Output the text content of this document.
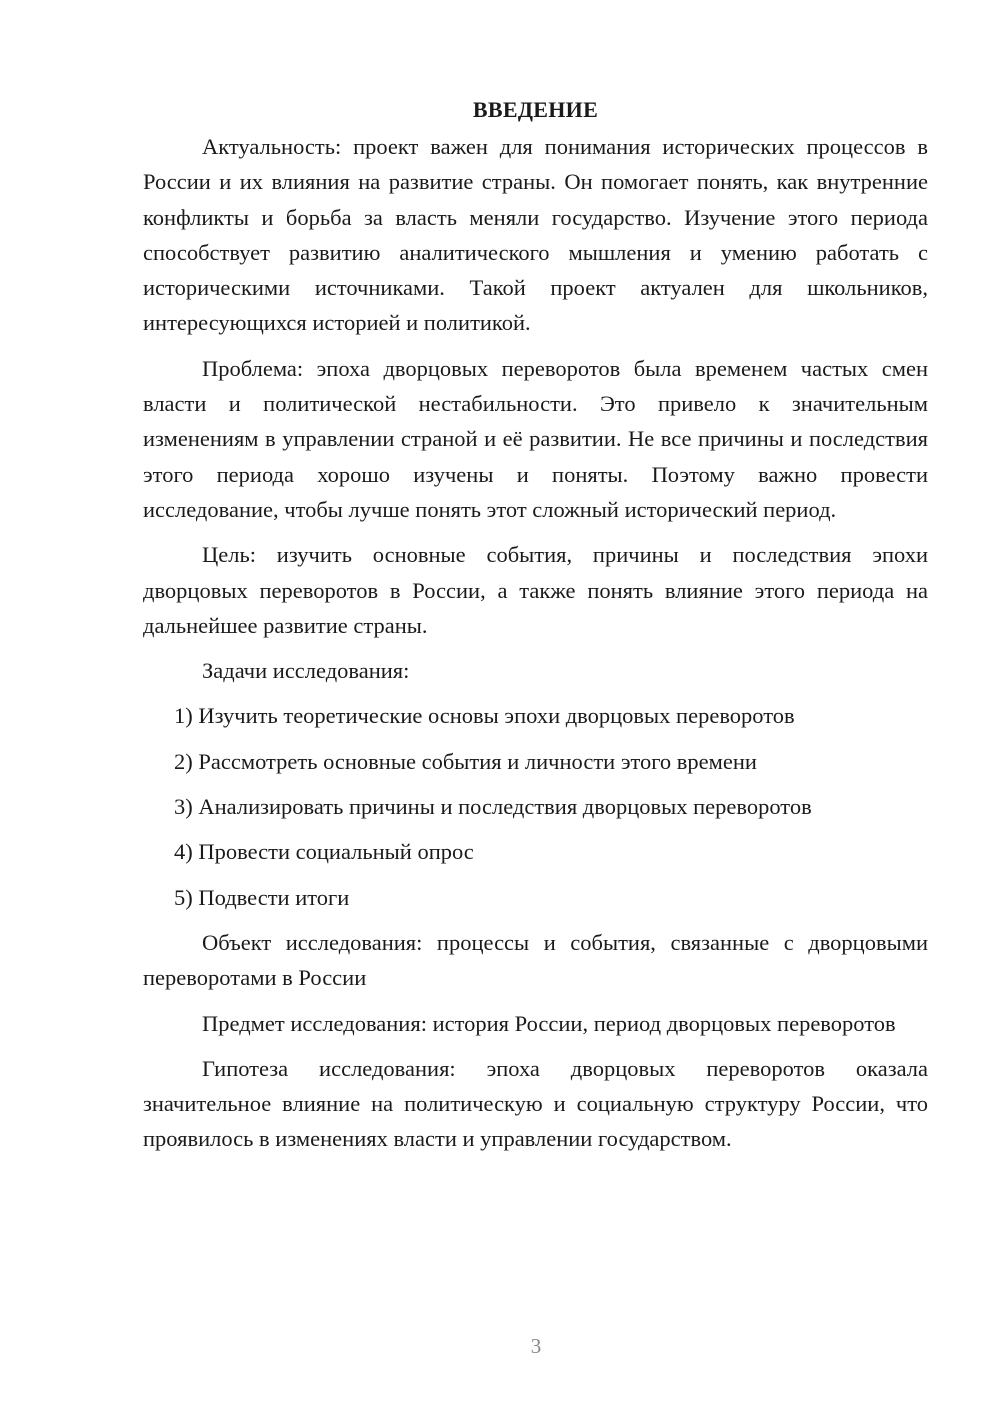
ВВЕДЕНИЕ

Актуальность: проект важен для понимания исторических процессов в России и их влияния на развитие страны. Он помогает понять, как внутренние конфликты и борьба за власть меняли государство. Изучение этого периода способствует развитию аналитического мышления и умению работать с историческими источниками. Такой проект актуален для школьников, интересующихся историей и политикой.

Проблема: эпоха дворцовых переворотов была временем частых смен власти и политической нестабильности. Это привело к значительным изменениям в управлении страной и её развитии. Не все причины и последствия этого периода хорошо изучены и поняты. Поэтому важно провести исследование, чтобы лучше понять этот сложный исторический период.

Цель: изучить основные события, причины и последствия эпохи дворцовых переворотов в России, а также понять влияние этого периода на дальнейшее развитие страны.

Задачи исследования:

1) Изучить теоретические основы эпохи дворцовых переворотов

2) Рассмотреть основные события и личности этого времени

3) Анализировать причины и последствия дворцовых переворотов

4) Провести социальный опрос

5) Подвести итоги

Объект исследования: процессы и события, связанные с дворцовыми переворотами в России

Предмет исследования: история России, период дворцовых переворотов

Гипотеза исследования: эпоха дворцовых переворотов оказала значительное влияние на политическую и социальную структуру России, что проявилось в изменениях власти и управлении государством.

3
